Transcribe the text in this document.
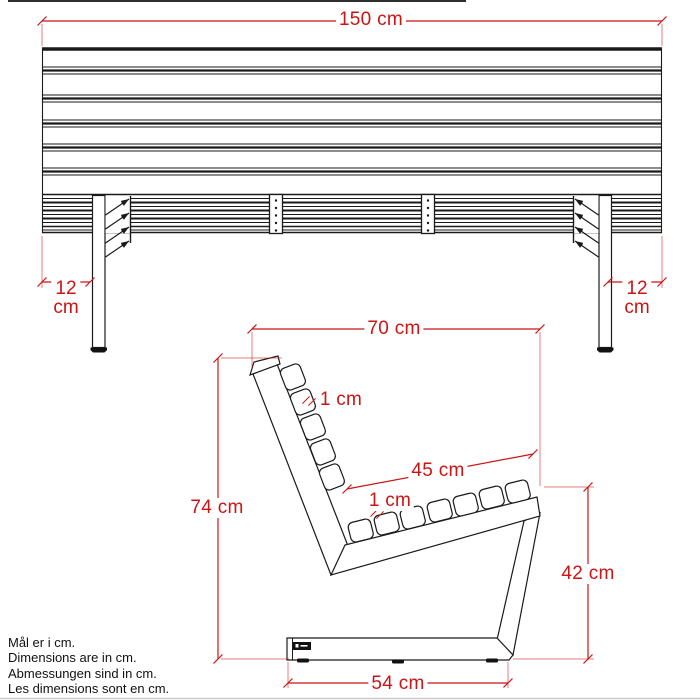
150 cm
12
cm
12
cm
70 cm
74 cm
45 cm
1 cm
1 cm
42 cm
54 cm
Mål er i cm.
Dimensions are in cm.
Abmessungen sind in cm.
Les dimensions sont en cm.
